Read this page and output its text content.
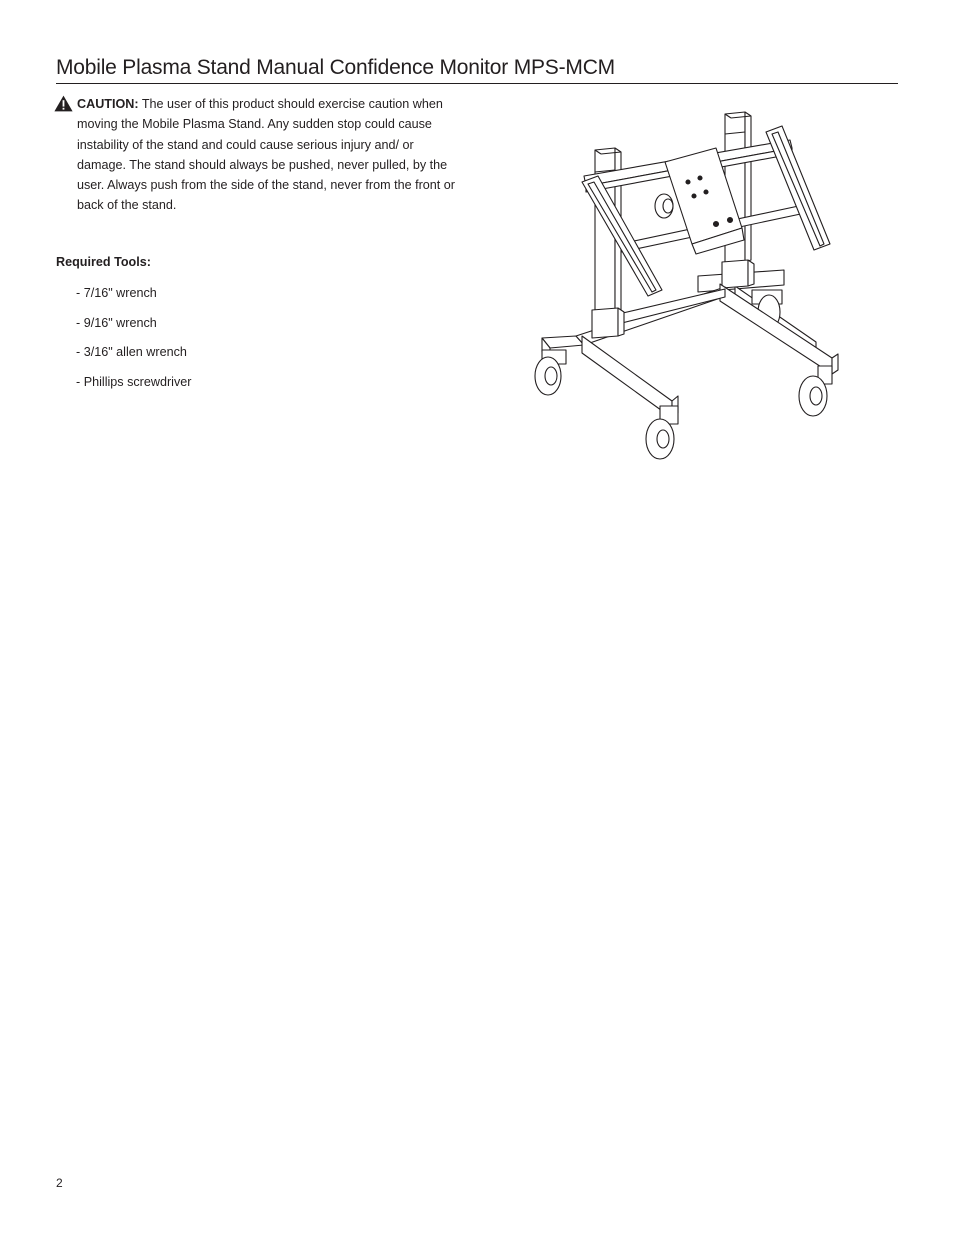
Mobile Plasma Stand Manual Confidence Monitor MPS-MCM

CAUTION: The user of this product should exercise caution when moving the Mobile Plasma Stand. Any sudden stop could cause instability of the stand and could cause serious injury and/ or damage. The stand should always be pushed, never pulled, by the user. Always push from the side of the stand, never from the front or back of the stand.

Required Tools:
- 7/16" wrench
- 9/16" wrench
- 3/16" allen wrench
- Phillips screwdriver
2
